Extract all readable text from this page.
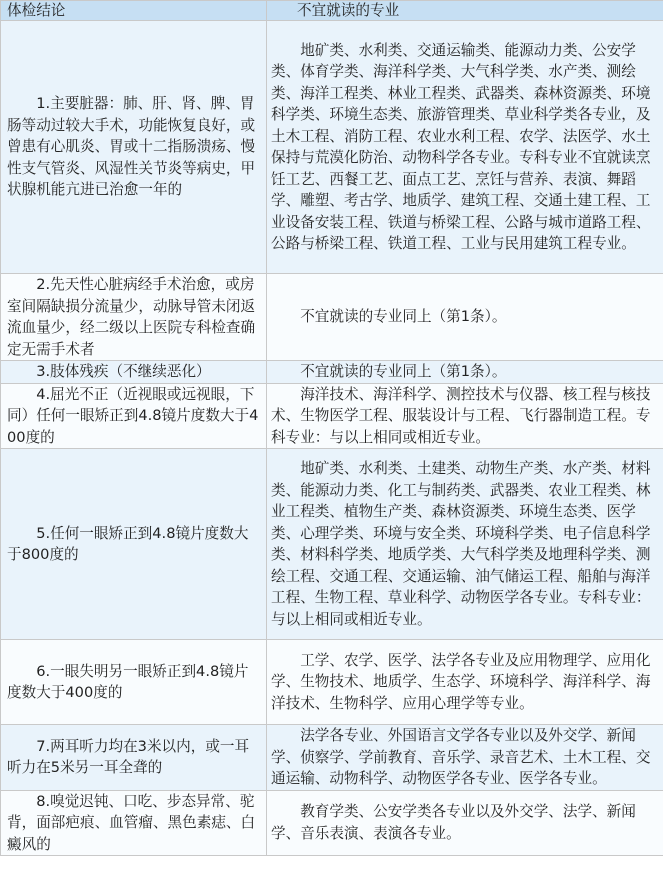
体检结论	不宜就读的专业

1.主要脏器：肺、肝、肾、脾、胃肠等动过较大手术，功能恢复良好，或曾患有心肌炎、胃或十二指肠溃疡、慢性支气管炎、风湿性关节炎等病史，甲状腺机能亢进已治愈一年的	地矿类、水利类、交通运输类、能源动力类、公安学类、体育学类、海洋科学类、大气科学类、水产类、测绘类、海洋工程类、林业工程类、武器类、森林资源类、环境科学类、环境生态类、旅游管理类、草业科学类各专业，及土木工程、消防工程、农业水利工程、农学、法医学、水土保持与荒漠化防治、动物科学各专业。专科专业不宜就读烹饪工艺、西餐工艺、面点工艺、烹饪与营养、表演、舞蹈学、雕塑、考古学、地质学、建筑工程、交通土建工程、工业设备安装工程、铁道与桥梁工程、公路与城市道路工程、公路与桥梁工程、铁道工程、工业与民用建筑工程专业。

2.先天性心脏病经手术治愈，或房室间隔缺损分流量少，动脉导管未闭返流血量少，经二级以上医院专科检查确定无需手术者	不宜就读的专业同上（第1条）。

3.肢体残疾（不继续恶化）	不宜就读的专业同上（第1条）。

4.屈光不正（近视眼或远视眼，下同）任何一眼矫正到4.8镜片度数大于400度的	海洋技术、海洋科学、测控技术与仪器、核工程与核技术、生物医学工程、服装设计与工程、飞行器制造工程。专科专业：与以上相同或相近专业。

5.任何一眼矫正到4.8镜片度数大于800度的	地矿类、水利类、土建类、动物生产类、水产类、材料类、能源动力类、化工与制药类、武器类、农业工程类、林业工程类、植物生产类、森林资源类、环境生态类、医学类、心理学类、环境与安全类、环境科学类、电子信息科学类、材料科学类、地质学类、大气科学类及地理科学类、测绘工程、交通工程、交通运输、油气储运工程、船舶与海洋工程、生物工程、草业科学、动物医学各专业。专科专业：与以上相同或相近专业。

6.一眼失明另一眼矫正到4.8镜片度数大于400度的	工学、农学、医学、法学各专业及应用物理学、应用化学、生物技术、地质学、生态学、环境科学、海洋科学、海洋技术、生物科学、应用心理学等专业。

7.两耳听力均在3米以内，或一耳听力在5米另一耳全聋的	法学各专业、外国语言文学各专业以及外交学、新闻学、侦察学、学前教育、音乐学、录音艺术、土木工程、交通运输、动物科学、动物医学各专业、医学各专业。

8.嗅觉迟钝、口吃、步态异常、驼背，面部疤痕、血管瘤、黑色素痣、白癜风的	教育学类、公安学类各专业以及外交学、法学、新闻学、音乐表演、表演各专业。
